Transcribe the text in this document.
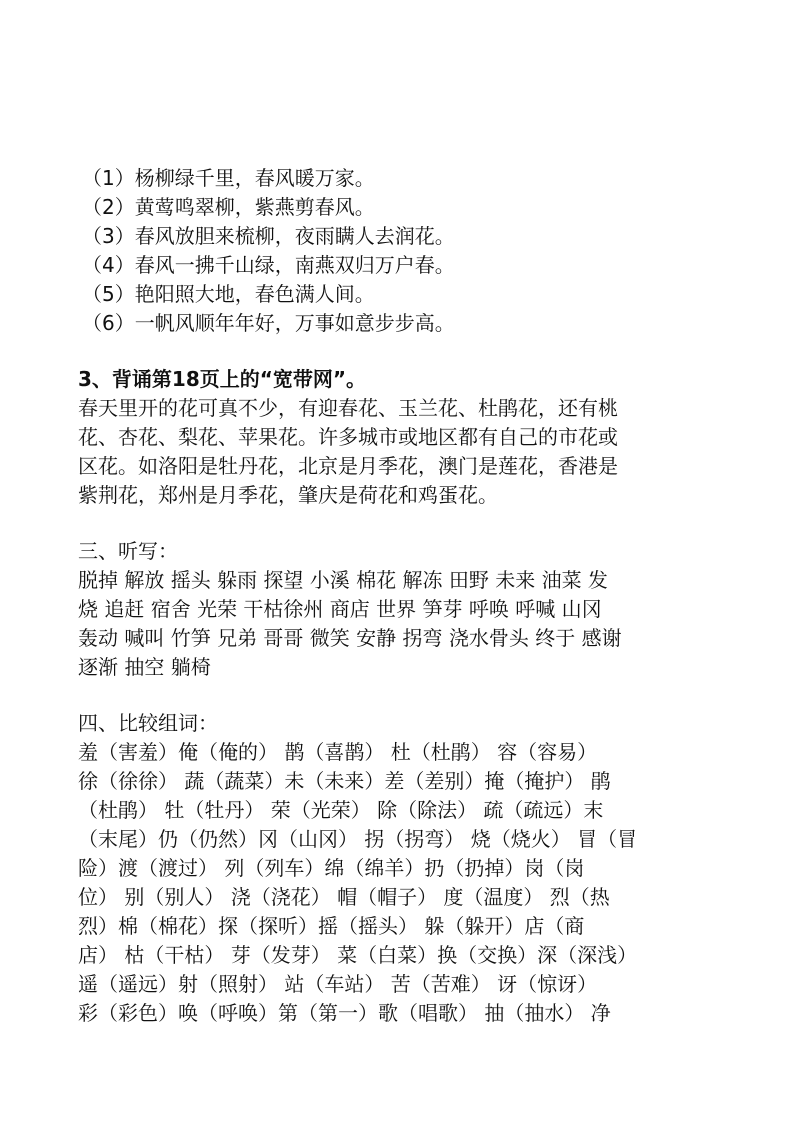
（1）杨柳绿千里，春风暖万家。
（2）黄莺鸣翠柳，紫燕剪春风。
（3）春风放胆来梳柳，夜雨瞒人去润花。
（4）春风一拂千山绿，南燕双归万户春。
（5）艳阳照大地，春色满人间。
（6）一帆风顺年年好，万事如意步步高。
3、背诵第18页上的“宽带网”。
春天里开的花可真不少，有迎春花、玉兰花、杜鹃花，还有桃
花、杏花、梨花、苹果花。许多城市或地区都有自己的市花或
区花。如洛阳是牡丹花，北京是月季花，澳门是莲花，香港是
紫荆花，郑州是月季花，肇庆是荷花和鸡蛋花。
三、听写：
脱掉 解放 摇头 躲雨 探望 小溪 棉花 解冻 田野 未来 油菜 发
烧 追赶 宿舍 光荣 干枯徐州 商店 世界 笋芽 呼唤 呼喊 山冈
轰动 喊叫 竹笋 兄弟 哥哥 微笑 安静 拐弯 浇水骨头 终于 感谢
逐渐 抽空 躺椅
四、比较组词：
羞（害羞）俺（俺的） 鹊（喜鹊） 杜（杜鹃） 容（容易）
徐（徐徐） 蔬（蔬菜）未（未来）差（差别）掩（掩护） 鹃
（杜鹃） 牡（牡丹） 荣（光荣） 除（除法） 疏（疏远）末
（末尾）仍（仍然）冈（山冈） 拐（拐弯） 烧（烧火） 冒（冒
险）渡（渡过） 列（列车）绵（绵羊）扔（扔掉）岗（岗
位） 别（别人） 浇（浇花） 帽（帽子） 度（温度） 烈（热
烈）棉（棉花）探（探听）摇（摇头） 躲（躲开）店（商
店） 枯（干枯） 芽（发芽） 菜（白菜）换（交换）深（深浅）
遥（遥远）射（照射） 站（车站） 苦（苦难） 讶（惊讶）
彩（彩色）唤（呼唤）第（第一）歌（唱歌） 抽（抽水） 净
